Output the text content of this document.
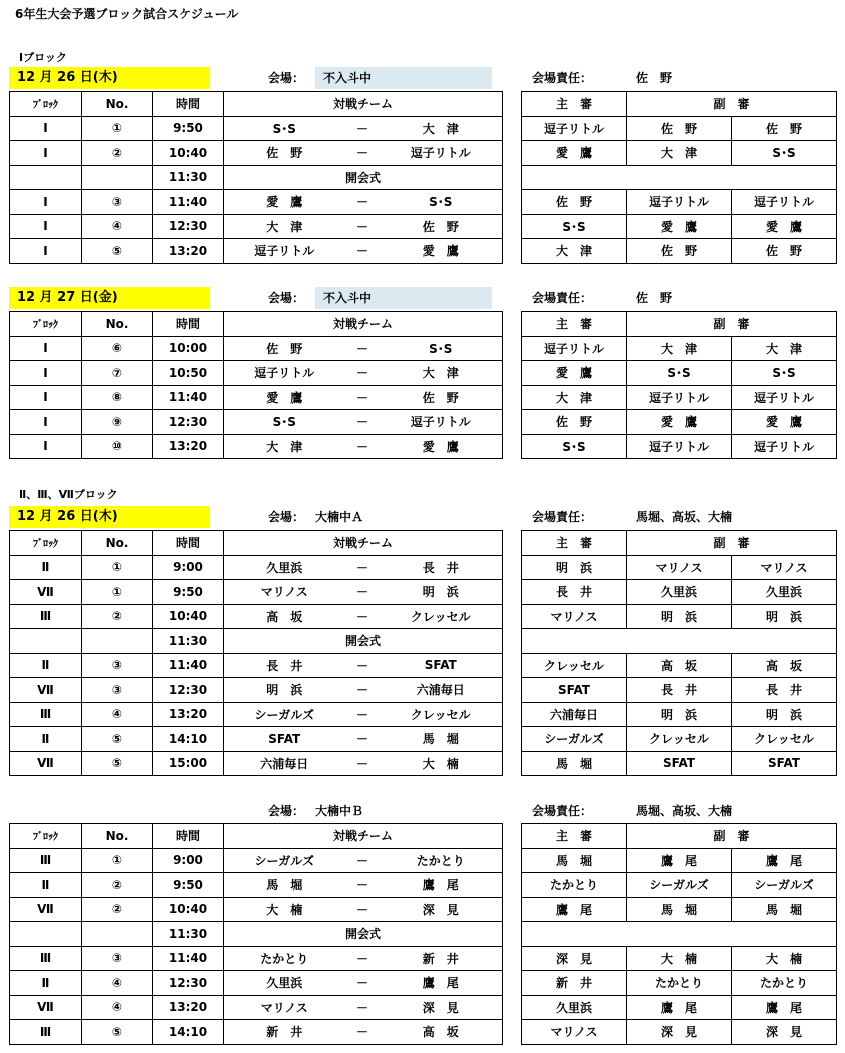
6年生大会予選ブロック試合スケジュール
Ⅰブロック
12 月 26 日(木)	会場：	不入斗中	会場責任：	佐　野
ﾌﾞﾛｯｸ	No.	時間	対戦チーム		
Ⅰ	①	9:50	S･S	－	大　津
Ⅰ	②	10:40	佐　野	－	逗子リトル
		11:30	開会式		
Ⅰ	③	11:40	愛　鷹	－	S･S
Ⅰ	④	12:30	大　津	－	佐　野
Ⅰ	⑤	13:20	逗子リトル	－	愛　鷹
主　審	副　審	
逗子リトル	佐　野	佐　野
愛　鷹	大　津	S･S

佐　野	逗子リトル	逗子リトル
S･S	愛　鷹	愛　鷹
大　津	佐　野	佐　野
12 月 27 日(金)	会場：	不入斗中	会場責任：	佐　野
ﾌﾞﾛｯｸ	No.	時間	対戦チーム		
Ⅰ	⑥	10:00	佐　野	－	S･S
Ⅰ	⑦	10:50	逗子リトル	－	大　津
Ⅰ	⑧	11:40	愛　鷹	－	佐　野
Ⅰ	⑨	12:30	S･S	－	逗子リトル
Ⅰ	⑩	13:20	大　津	－	愛　鷹
主　審	副　審	
逗子リトル	大　津	大　津
愛　鷹	S･S	S･S
大　津	逗子リトル	逗子リトル
佐　野	愛　鷹	愛　鷹
S･S	逗子リトル	逗子リトル
Ⅱ、Ⅲ、Ⅶブロック
12 月 26 日(木)	会場： 大楠中Ａ	会場責任：	馬堀、高坂、大楠
ﾌﾞﾛｯｸ	No.	時間	対戦チーム		
Ⅱ	①	9:00	久里浜	－	長　井
Ⅶ	①	9:50	マリノス	－	明　浜
Ⅲ	②	10:40	高　坂	－	クレッセル
		11:30	開会式		
Ⅱ	③	11:40	長　井	－	SFAT
Ⅶ	③	12:30	明　浜	－	六浦毎日
Ⅲ	④	13:20	シーガルズ	－	クレッセル
Ⅱ	⑤	14:10	SFAT	－	馬　堀
Ⅶ	⑤	15:00	六浦毎日	－	大　楠
主　審	副　審	
明　浜	マリノス	マリノス
長　井	久里浜	久里浜
マリノス	明　浜	明　浜

クレッセル	高　坂	高　坂
SFAT	長　井	長　井
六浦毎日	明　浜	明　浜
シーガルズ	クレッセル	クレッセル
馬　堀	SFAT	SFAT
会場： 大楠中Ｂ	会場責任：	馬堀、高坂、大楠
ﾌﾞﾛｯｸ	No.	時間	対戦チーム		
Ⅲ	①	9:00	シーガルズ	－	たかとり
Ⅱ	②	9:50	馬　堀	－	鷹　尾
Ⅶ	②	10:40	大　楠	－	深　見
		11:30	開会式		
Ⅲ	③	11:40	たかとり	－	新　井
Ⅱ	④	12:30	久里浜	－	鷹　尾
Ⅶ	④	13:20	マリノス	－	深　見
Ⅲ	⑤	14:10	新　井	－	高　坂
主　審	副　審	
馬　堀	鷹　尾	鷹　尾
たかとり	シーガルズ	シーガルズ
鷹　尾	馬　堀	馬　堀

深　見	大　楠	大　楠
新　井	たかとり	たかとり
久里浜	鷹　尾	鷹　尾
マリノス	深　見	深　見
